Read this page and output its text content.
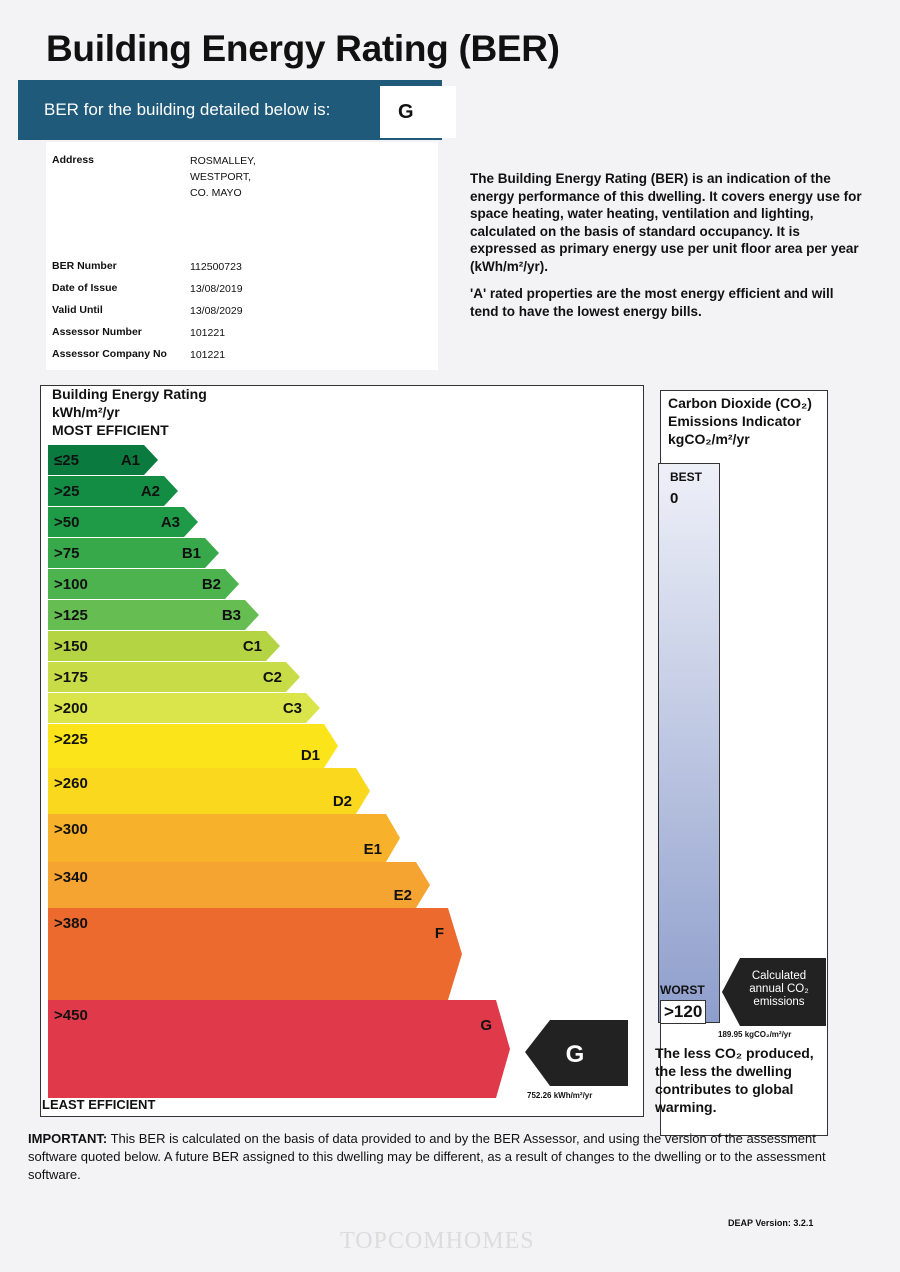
Building Energy Rating (BER)
BER for the building detailed below is:	G
Address	ROSMALLEY,
WESTPORT,
CO. MAYO
BER Number	112500723
Date of Issue	13/08/2019
Valid Until	13/08/2029
Assessor Number	101221
Assessor Company No 101221

The Building Energy Rating (BER) is an indication of the energy performance of this dwelling. It covers energy use for space heating, water heating, ventilation and lighting, calculated on the basis of standard occupancy. It is expressed as primary energy use per unit floor area per year (kWh/m²/yr).

'A' rated properties are the most energy efficient and will tend to have the lowest energy bills.

Building Energy Rating
kWh/m²/yr
MOST EFFICIENT
≤25	A1
>25	A2
>50	A3
>75	B1
>100	B2
>125	B3
>150	C1
>175	C2
>200	C3
>225
D1
>260
D2
>300
E1
>340
E2
>380
F
>450
G
G
LEAST EFFICIENT
752.26 kWh/m²/yr
Carbon Dioxide (CO₂)
Emissions Indicator
kgCO₂/m²/yr
BEST
0
WORST
>120
Calculated annual CO₂ emissions
189.95 kgCO₂/m²/yr
The less CO₂ produced, the less the dwelling contributes to global warming.
IMPORTANT: This BER is calculated on the basis of data provided to and by the BER Assessor, and using the version of the assessment software quoted below. A future BER assigned to this dwelling may be different, as a result of changes to the dwelling or to the assessment software.
DEAP Version: 3.2.1
TOPCOMHOMES
